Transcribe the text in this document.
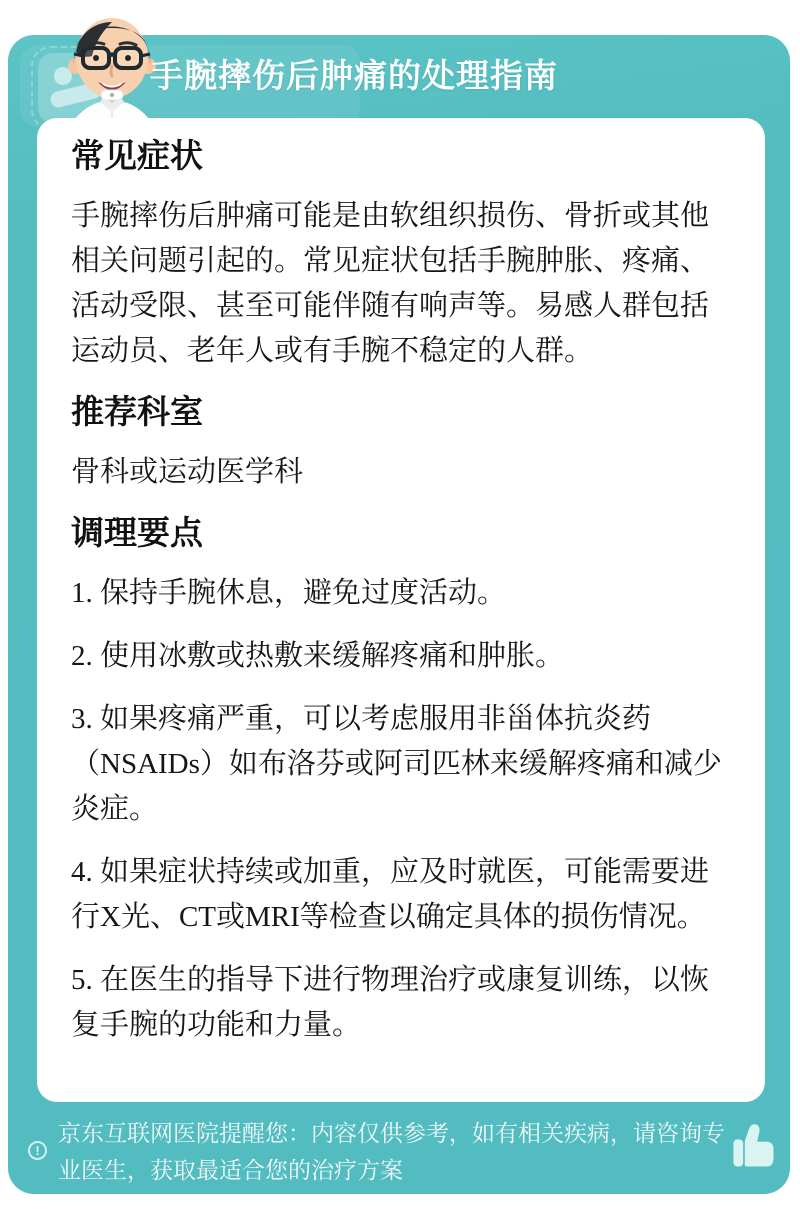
手腕摔伤后肿痛的处理指南
常见症状

手腕摔伤后肿痛可能是由软组织损伤、骨折或其他相关问题引起的。常见症状包括手腕肿胀、疼痛、活动受限、甚至可能伴随有响声等。易感人群包括运动员、老年人或有手腕不稳定的人群。

推荐科室

骨科或运动医学科

调理要点

1. 保持手腕休息，避免过度活动。

2. 使用冰敷或热敷来缓解疼痛和肿胀。

3. 如果疼痛严重，可以考虑服用非甾体抗炎药（NSAIDs）如布洛芬或阿司匹林来缓解疼痛和减少炎症。

4. 如果症状持续或加重，应及时就医，可能需要进行X光、CT或MRI等检查以确定具体的损伤情况。

5. 在医生的指导下进行物理治疗或康复训练，以恢复手腕的功能和力量。

!
京东互联网医院提醒您：内容仅供参考，如有相关疾病，请咨询专业医生，获取最适合您的治疗方案
